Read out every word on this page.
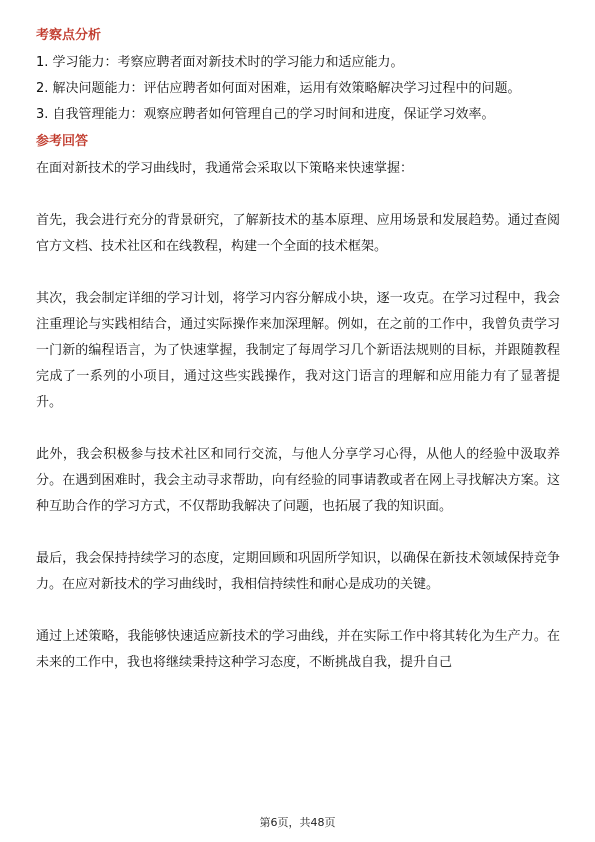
考察点分析

1. 学习能力：考察应聘者面对新技术时的学习能力和适应能力。

2. 解决问题能力：评估应聘者如何面对困难，运用有效策略解决学习过程中的问题。

3. 自我管理能力：观察应聘者如何管理自己的学习时间和进度，保证学习效率。

参考回答

在面对新技术的学习曲线时，我通常会采取以下策略来快速掌握：

首先，我会进行充分的背景研究，了解新技术的基本原理、应用场景和发展趋势。通过查阅官方文档、技术社区和在线教程，构建一个全面的技术框架。

其次，我会制定详细的学习计划，将学习内容分解成小块，逐一攻克。在学习过程中，我会注重理论与实践相结合，通过实际操作来加深理解。例如，在之前的工作中，我曾负责学习一门新的编程语言，为了快速掌握，我制定了每周学习几个新语法规则的目标，并跟随教程完成了一系列的小项目，通过这些实践操作，我对这门语言的理解和应用能力有了显著提升。

此外，我会积极参与技术社区和同行交流，与他人分享学习心得，从他人的经验中汲取养分。在遇到困难时，我会主动寻求帮助，向有经验的同事请教或者在网上寻找解决方案。这种互助合作的学习方式，不仅帮助我解决了问题，也拓展了我的知识面。

最后，我会保持持续学习的态度，定期回顾和巩固所学知识，以确保在新技术领域保持竞争力。在应对新技术的学习曲线时，我相信持续性和耐心是成功的关键。

通过上述策略，我能够快速适应新技术的学习曲线，并在实际工作中将其转化为生产力。在未来的工作中，我也将继续秉持这种学习态度，不断挑战自我，提升自己

第6页，共48页
